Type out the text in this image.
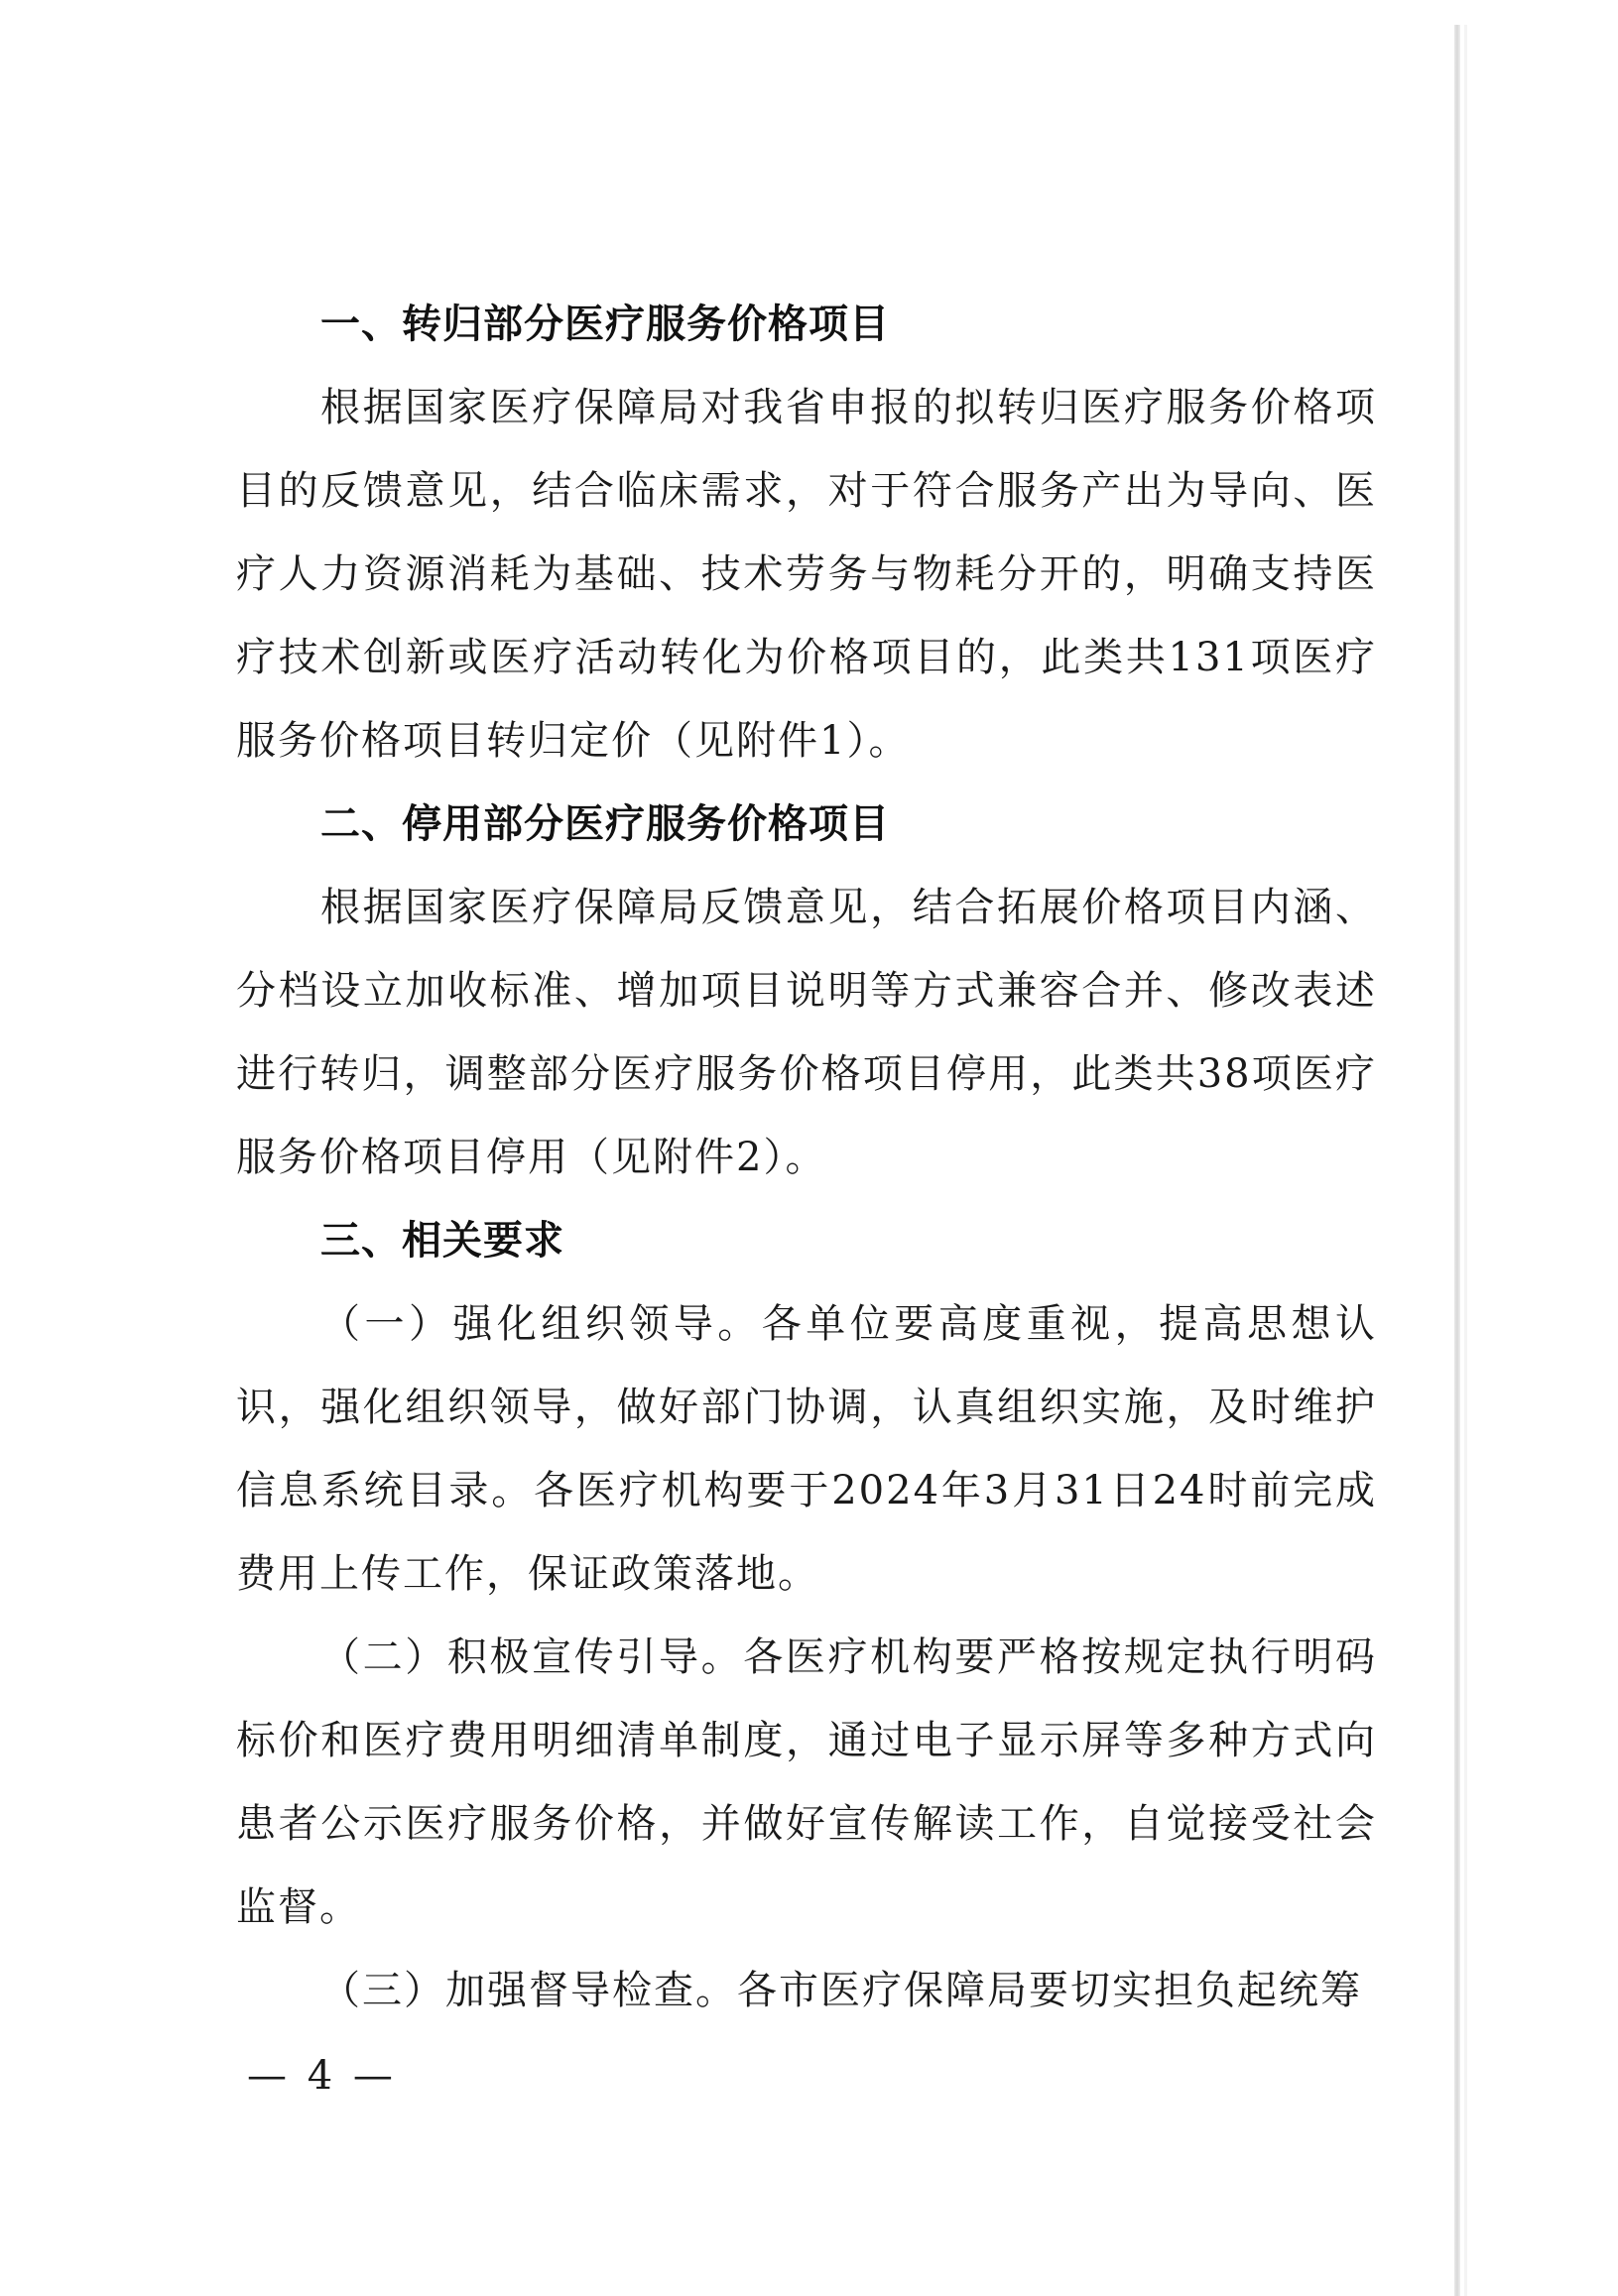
一、转归部分医疗服务价格项目

根据国家医疗保障局对我省申报的拟转归医疗服务价格项目的反馈意见，结合临床需求，对于符合服务产出为导向、医疗人力资源消耗为基础、技术劳务与物耗分开的，明确支持医疗技术创新或医疗活动转化为价格项目的，此类共131项医疗服务价格项目转归定价（见附件1）。

二、停用部分医疗服务价格项目

根据国家医疗保障局反馈意见，结合拓展价格项目内涵、分档设立加收标准、增加项目说明等方式兼容合并、修改表述进行转归，调整部分医疗服务价格项目停用，此类共38项医疗服务价格项目停用（见附件2）。

三、相关要求

（一）强化组织领导。各单位要高度重视，提高思想认识，强化组织领导，做好部门协调，认真组织实施，及时维护信息系统目录。各医疗机构要于2024年3月31日24时前完成费用上传工作，保证政策落地。

（二）积极宣传引导。各医疗机构要严格按规定执行明码标价和医疗费用明细清单制度，通过电子显示屏等多种方式向患者公示医疗服务价格，并做好宣传解读工作，自觉接受社会监督。

（三）加强督导检查。各市医疗保障局要切实担负起统筹

— 4 —
